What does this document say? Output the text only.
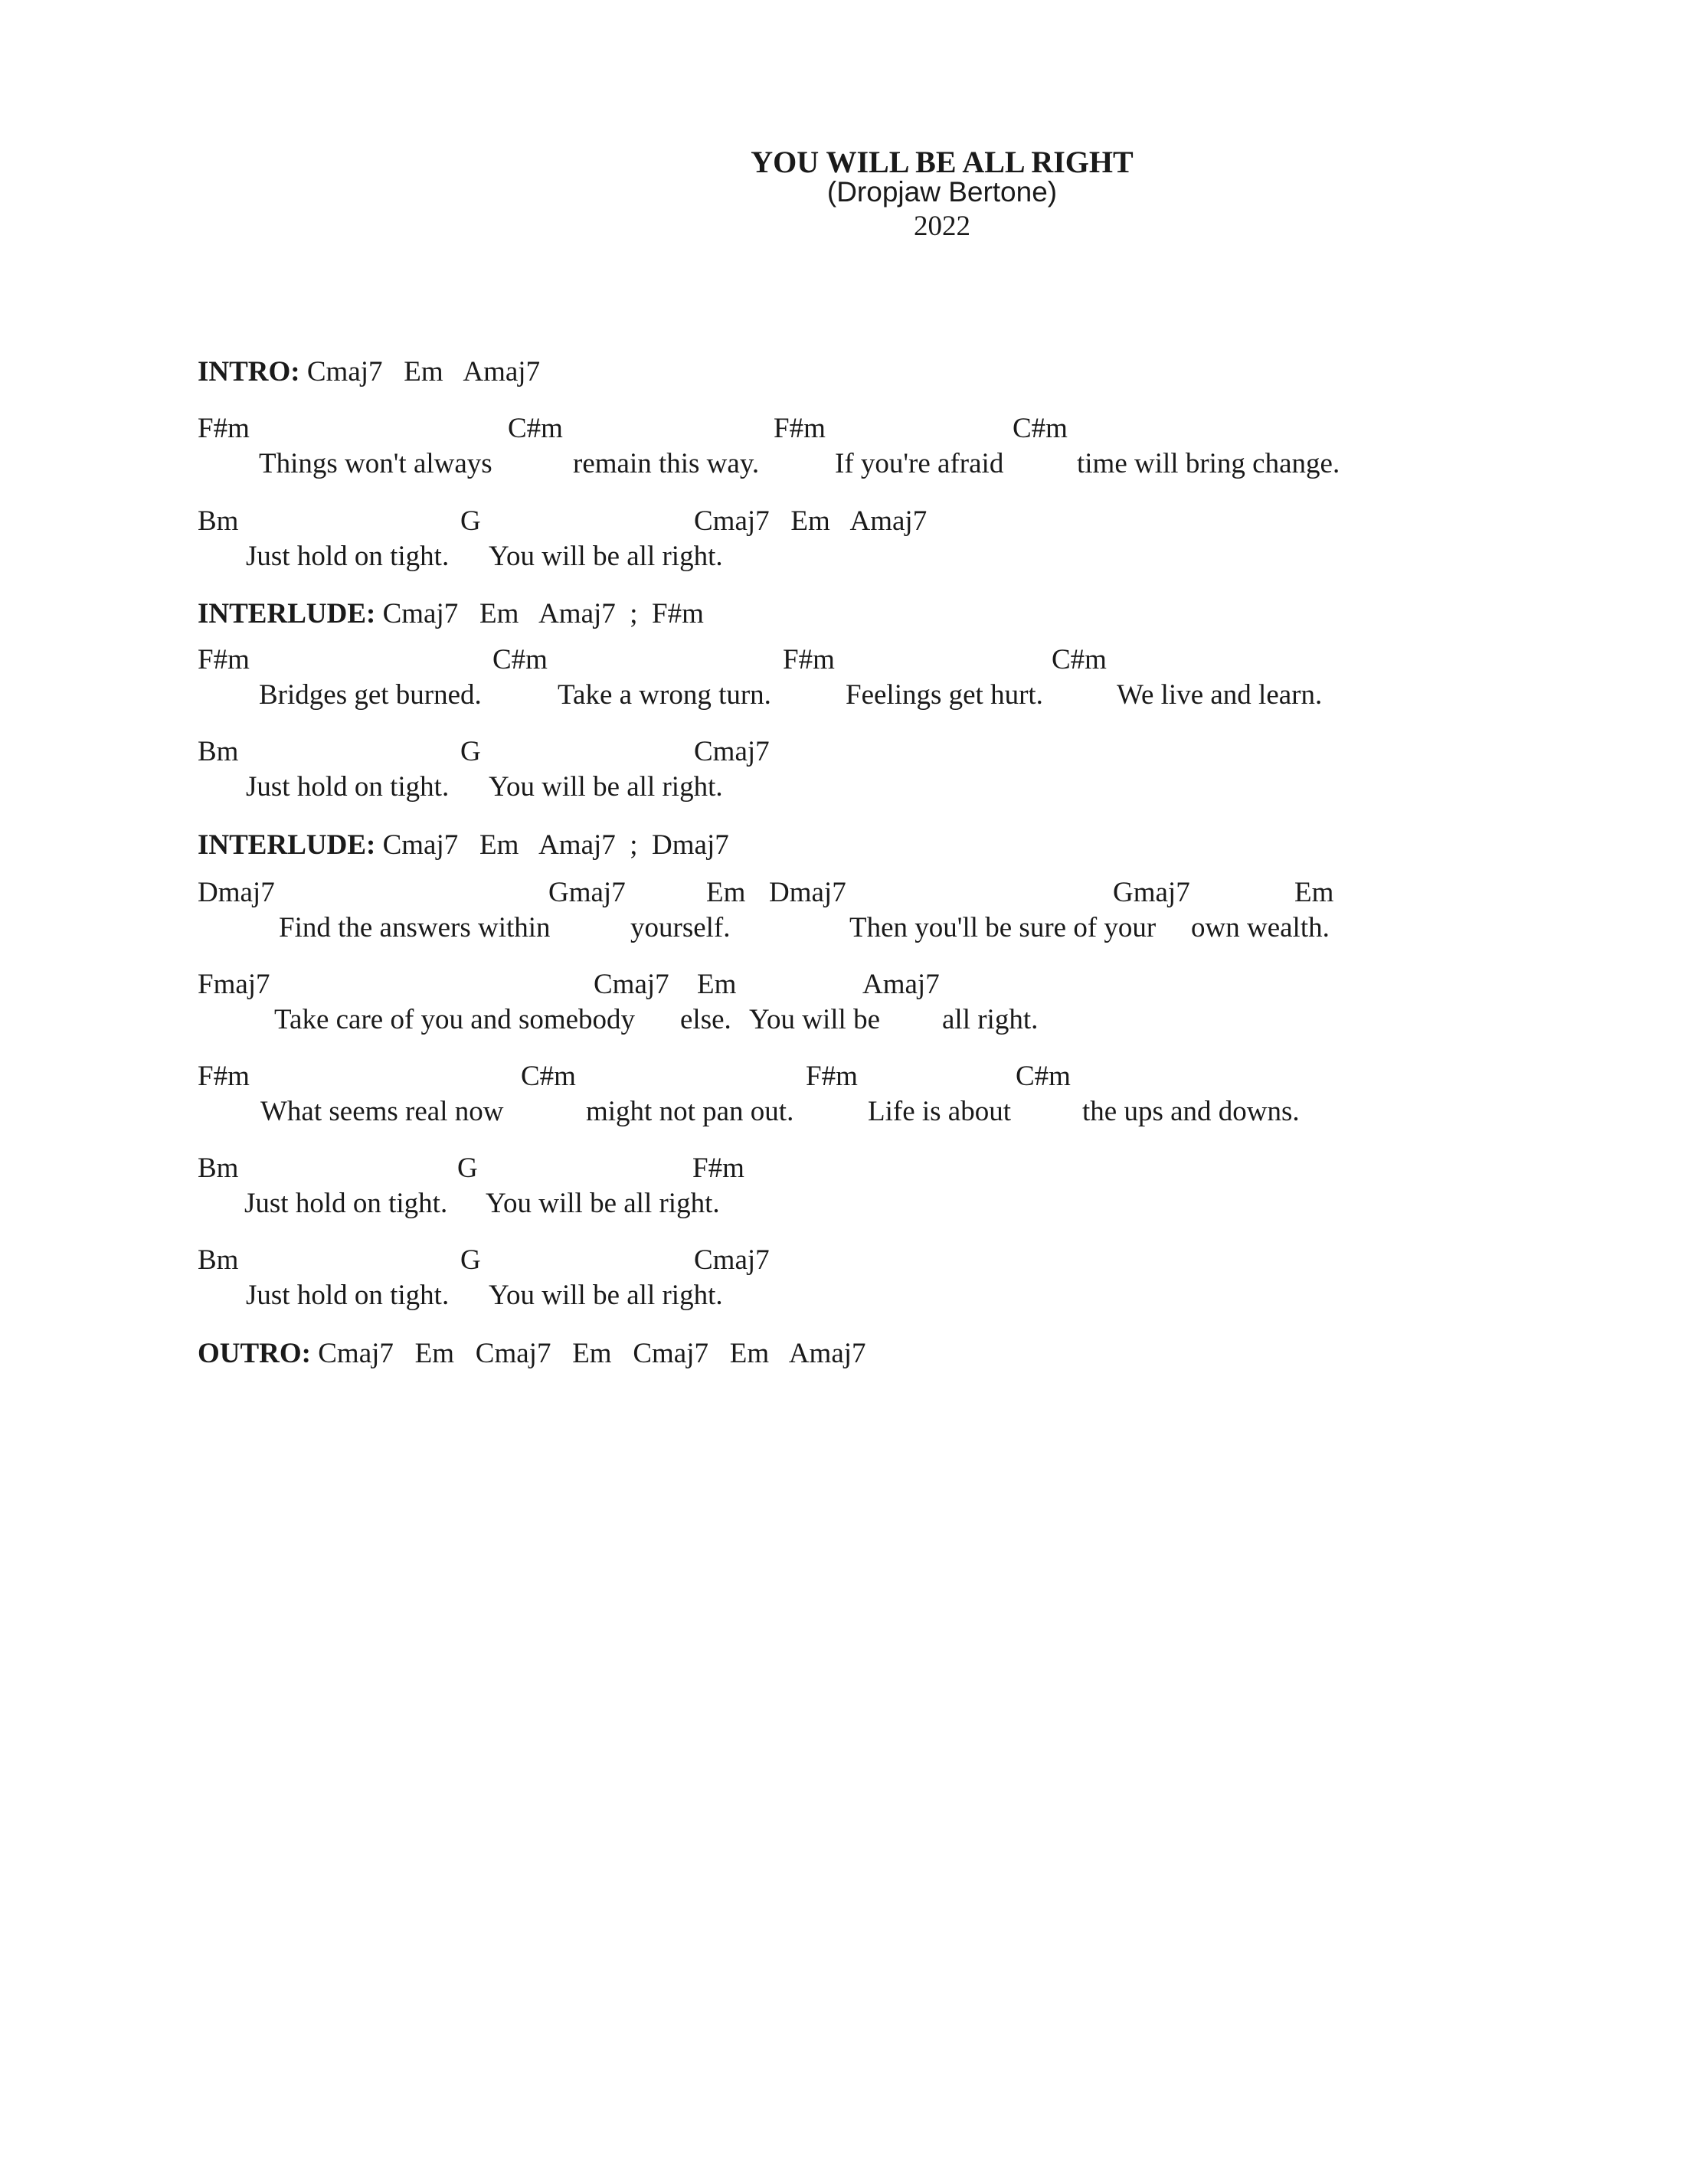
YOU WILL BE ALL RIGHT
(Dropjaw Bertone)
2022
INTRO: Cmaj7   Em   Amaj7
F#m	C#m	F#m	C#m
Things won't always	remain this way.	If you're afraid	time will bring change.
Bm	G	Cmaj7   Em   Amaj7
Just hold on tight. You will be all right.
INTERLUDE: Cmaj7   Em   Amaj7  ;  F#m
F#m	C#m	F#m	C#m
Bridges get burned.	Take a wrong turn.	Feelings get hurt.	We live and learn.
Bm	G	Cmaj7
Just hold on tight. You will be all right.
INTERLUDE: Cmaj7   Em   Amaj7  ;  Dmaj7
Dmaj7	Gmaj7	Em Dmaj7	Gmaj7	Em
Find the answers within	yourself.	Then you'll be sure of your own wealth.
Fmaj7	Cmaj7 Em	Amaj7
Take care of you and somebody else. You will be all right.
F#m	C#m	F#m	C#m
What seems real now	might not pan out.	Life is about	the ups and downs.
Bm	G	F#m
Just hold on tight. You will be all right.
Bm	G	Cmaj7
Just hold on tight. You will be all right.
OUTRO: Cmaj7   Em   Cmaj7   Em   Cmaj7   Em   Amaj7
